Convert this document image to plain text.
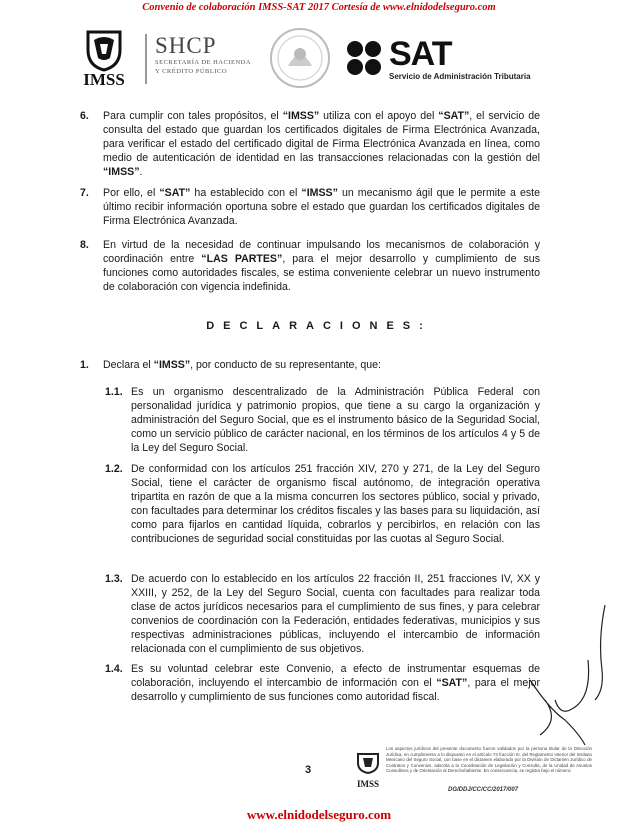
Convenio de colaboración IMSS-SAT 2017 Cortesía de www.elnidodelseguro.com
IMSS
SHCP
SECRETARÍA DE HACIENDA
Y CRÉDITO PÚBLICO	SAT
Servicio de Administración Tributaria
6. Para cumplir con tales propósitos, el “IMSS” utiliza con el apoyo del “SAT”, el servicio de consulta del estado que guardan los certificados digitales de Firma Electrónica Avanzada, para verificar el estado del certificado digital de Firma Electrónica Avanzada en línea, como medio de autenticación de identidad en las transacciones relacionadas con la gestión del “IMSS”.
7. Por ello, el “SAT” ha establecido con el “IMSS” un mecanismo ágil que le permite a este último recibir información oportuna sobre el estado que guardan los certificados digitales de Firma Electrónica Avanzada.
8. En virtud de la necesidad de continuar impulsando los mecanismos de colaboración y coordinación entre “LAS PARTES”, para el mejor desarrollo y cumplimiento de sus funciones como autoridades fiscales, se estima conveniente celebrar un nuevo instrumento de colaboración con vigencia indefinida.
DECLARACIONES:
1. Declara el “IMSS”, por conducto de su representante, que:
1.1. Es un organismo descentralizado de la Administración Pública Federal con personalidad jurídica y patrimonio propios, que tiene a su cargo la organización y administración del Seguro Social, que es el instrumento básico de la Seguridad Social, como un servicio público de carácter nacional, en los términos de los artículos 4 y 5 de la Ley del Seguro Social.
1.2. De conformidad con los artículos 251 fracción XIV, 270 y 271, de la Ley del Seguro Social, tiene el carácter de organismo fiscal autónomo, de integración operativa tripartita en razón de que a la misma concurren los sectores público, social y privado, con facultades para determinar los créditos fiscales y las bases para su liquidación, así como para fijarlos en cantidad líquida, cobrarlos y percibirlos, en relación con las contribuciones de seguridad social constituidas por las cuotas al Seguro Social.
1.3. De acuerdo con lo establecido en los artículos 22 fracción II, 251 fracciones IV, XX y XXIII, y 252, de la Ley del Seguro Social, cuenta con facultades para realizar toda clase de actos jurídicos necesarios para el cumplimiento de sus fines, y para celebrar convenios de coordinación con la Federación, entidades federativas, municipios y sus respectivas administraciones públicas, incluyendo el intercambio de información relacionada con el cumplimiento de sus objetivos.
1.4. Es su voluntad celebrar este Convenio, a efecto de instrumentar esquemas de colaboración, incluyendo el intercambio de información con el “SAT”, para el mejor desarrollo y cumplimiento de sus funciones como autoridad fiscal.
3
IMSS
Los aspectos jurídicos del presente documento fueron validados por la persona titular de la Dirección Jurídica, en cumplimiento a lo dispuesto en el artículo 73 fracción III, del Reglamento Interior del Instituto Mexicano del Seguro Social, con base en el dictamen elaborado por la División de Dictamen Jurídico de Contratos y Convenios, adscrita a la Coordinación de Legislación y Consulta, de la Unidad de Asuntos Consultivos y de Orientación al Derechohabiente. En consecuencia, se registra bajo el número:
DG/DDJ/CC/CC/2017/007
www.elnidodelseguro.com
